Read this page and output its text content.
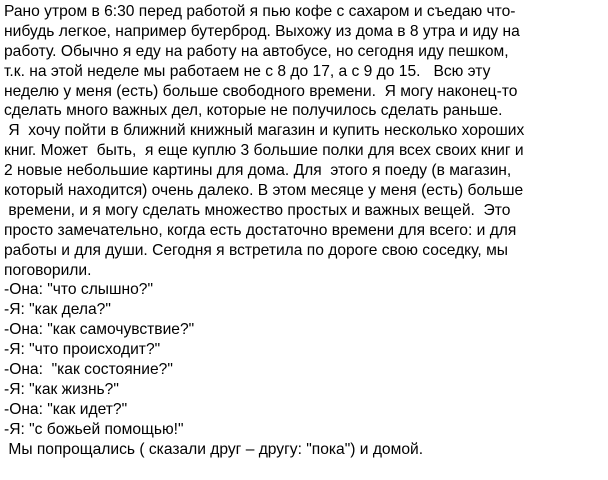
Рано утром в 6:30 перед работой я пью кофе с сахаром и съедаю что-
нибудь легкое, например бутерброд. Выхожу из дома в 8 утра и иду на
работу. Обычно я еду на работу на автобусе, но сегодня иду пешком,
т.к. на этой неделе мы работаем не с 8 до 17, а с 9 до 15.   Всю эту
неделю у меня (есть) больше свободного времени.  Я могу наконец-то
сделать много важных дел, которые не получилось сделать раньше.
Я  хочу пойти в ближний книжный магазин и купить несколько хороших
книг. Может  быть,  я еще куплю 3 большие полки для всех своих книг и
2 новые небольшие картины для дома. Для  этого я поеду (в магазин,
который находится) очень далеко. В этом месяце у меня (есть) больше
времени, и я могу сделать множество простых и важных вещей.  Это
просто замечательно, когда есть достаточно времени для всего: и для
работы и для души. Сегодня я встретила по дороге свою соседку, мы
поговорили.
-Она: "что слышно?"
-Я: "как дела?"
-Она: "как самочувствие?"
-Я: "что происходит?"
-Она:  "как состояние?"
-Я: "как жизнь?"
-Она: "как идет?"
-Я: "с божьей помощью!"
Мы попрощались ( сказали друг – другу: "пока") и домой.
